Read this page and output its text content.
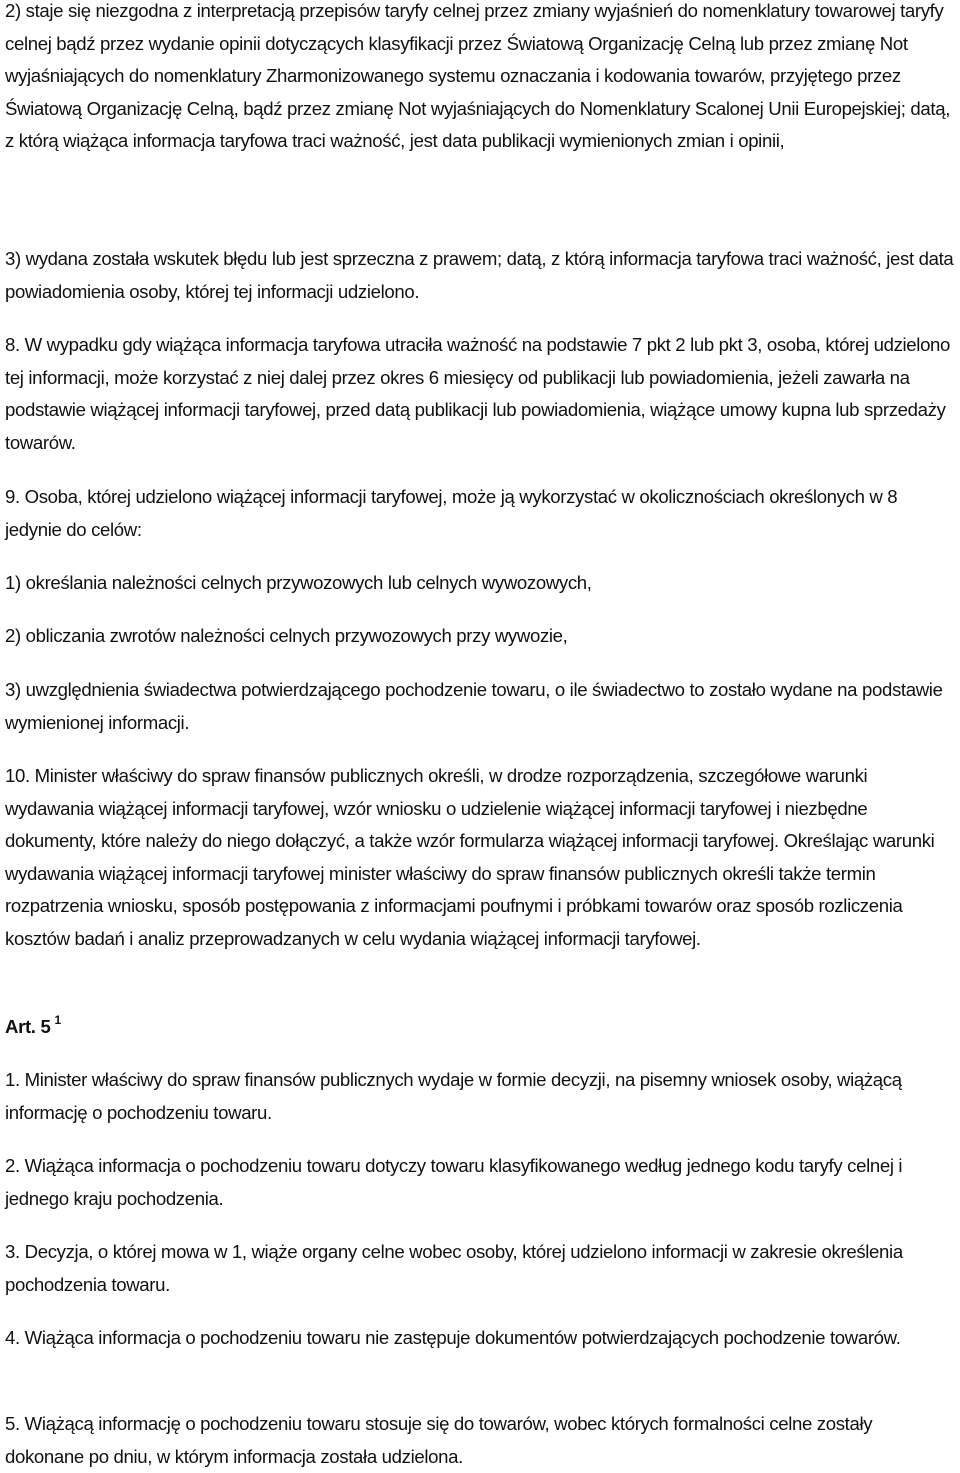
2) staje się niezgodna z interpretacją przepisów taryfy celnej przez zmiany wyjaśnień do nomenklatury towarowej taryfy celnej bądź przez wydanie opinii dotyczących klasyfikacji przez Światową Organizację Celną lub przez zmianę Not wyjaśniających do nomenklatury Zharmonizowanego systemu oznaczania i kodowania towarów, przyjętego przez Światową Organizację Celną, bądź przez zmianę Not wyjaśniających do Nomenklatury Scalonej Unii Europejskiej; datą, z którą wiążąca informacja taryfowa traci ważność, jest data publikacji wymienionych zmian i opinii,

3) wydana została wskutek błędu lub jest sprzeczna z prawem; datą, z którą informacja taryfowa traci ważność, jest data powiadomienia osoby, której tej informacji udzielono.

8. W wypadku gdy wiążąca informacja taryfowa utraciła ważność na podstawie 7 pkt 2 lub pkt 3, osoba, której udzielono tej informacji, może korzystać z niej dalej przez okres 6 miesięcy od publikacji lub powiadomienia, jeżeli zawarła na podstawie wiążącej informacji taryfowej, przed datą publikacji lub powiadomienia, wiążące umowy kupna lub sprzedaży towarów.

9. Osoba, której udzielono wiążącej informacji taryfowej, może ją wykorzystać w okolicznościach określonych w 8 jedynie do celów:

1) określania należności celnych przywozowych lub celnych wywozowych,

2) obliczania zwrotów należności celnych przywozowych przy wywozie,

3) uwzględnienia świadectwa potwierdzającego pochodzenie towaru, o ile świadectwo to zostało wydane na podstawie wymienionej informacji.

10. Minister właściwy do spraw finansów publicznych określi, w drodze rozporządzenia, szczegółowe warunki wydawania wiążącej informacji taryfowej, wzór wniosku o udzielenie wiążącej informacji taryfowej i niezbędne dokumenty, które należy do niego dołączyć, a także wzór formularza wiążącej informacji taryfowej. Określając warunki wydawania wiążącej informacji taryfowej minister właściwy do spraw finansów publicznych określi także termin rozpatrzenia wniosku, sposób postępowania z informacjami poufnymi i próbkami towarów oraz sposób rozliczenia kosztów badań i analiz przeprowadzanych w celu wydania wiążącej informacji taryfowej.

Art. 5 $^1$

1. Minister właściwy do spraw finansów publicznych wydaje w formie decyzji, na pisemny wniosek osoby, wiążącą informację o pochodzeniu towaru.

2. Wiążąca informacja o pochodzeniu towaru dotyczy towaru klasyfikowanego według jednego kodu taryfy celnej i jednego kraju pochodzenia.

3. Decyzja, o której mowa w 1, wiąże organy celne wobec osoby, której udzielono informacji w zakresie określenia pochodzenia towaru.

4. Wiążąca informacja o pochodzeniu towaru nie zastępuje dokumentów potwierdzających pochodzenie towarów.

5. Wiążącą informację o pochodzeniu towaru stosuje się do towarów, wobec których formalności celne zostały dokonane po dniu, w którym informacja została udzielona.
